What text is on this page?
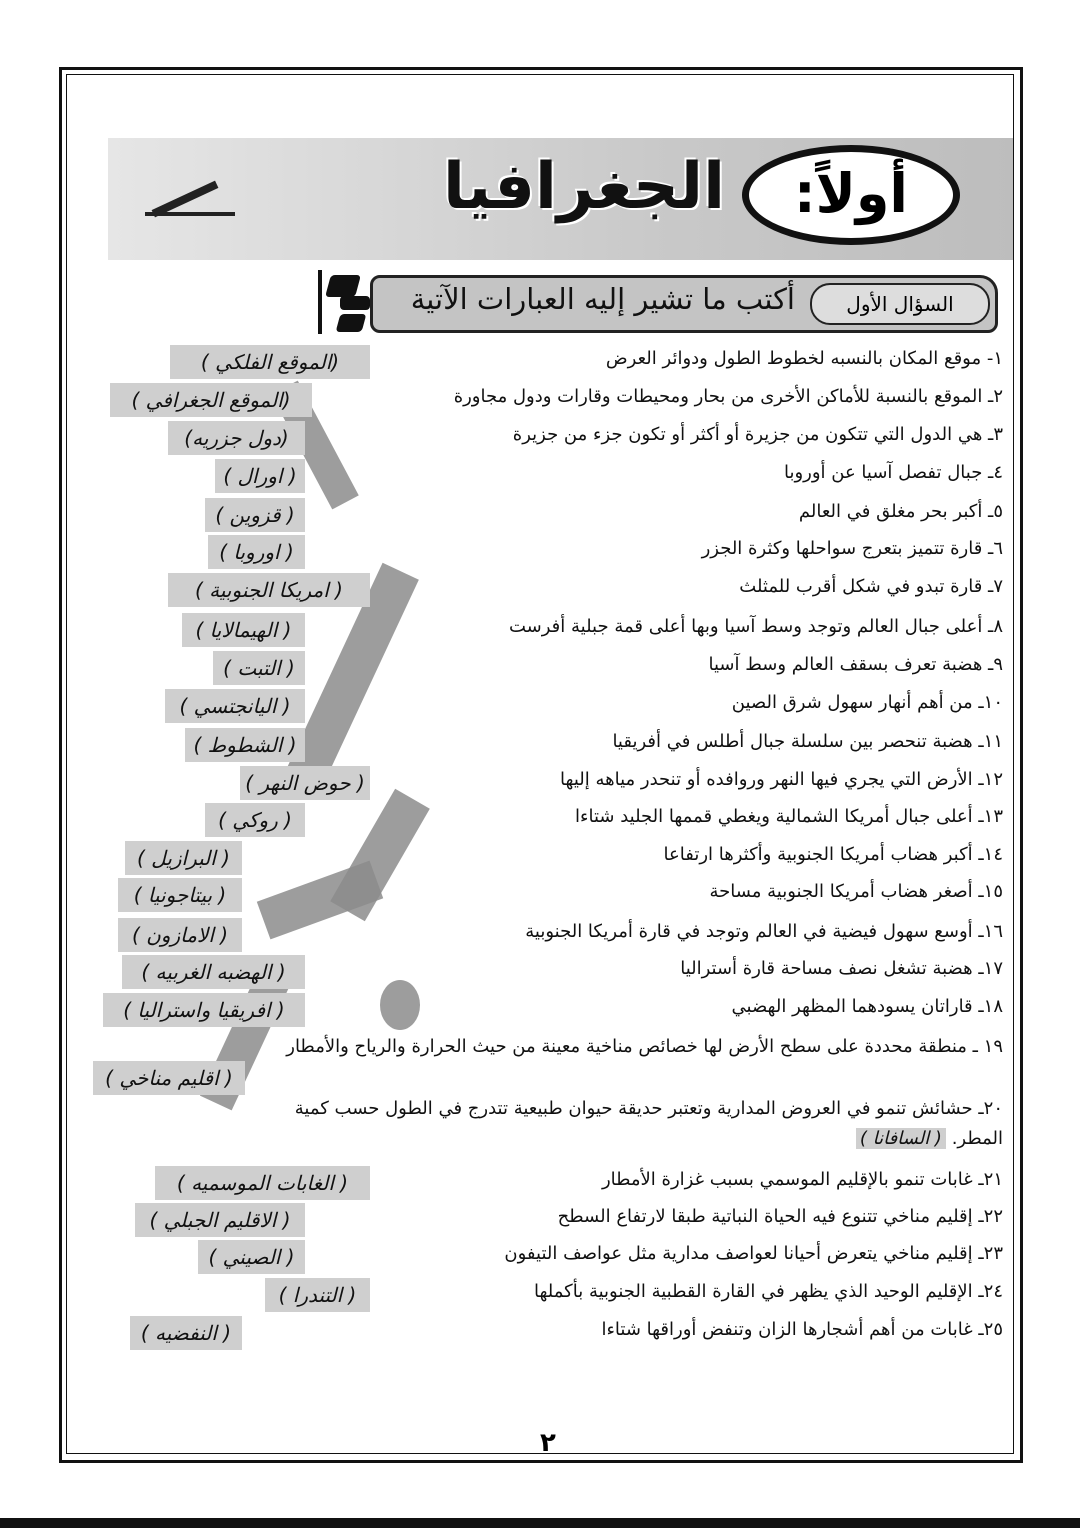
أولاً:
الجغرافيا
السؤال الأول
أكتب ما تشير إليه العبارات الآتية
١- موقع المكان بالنسبه لخطوط الطول ودوائر العرض
(الموقع الفلكي )
٢ـ الموقع بالنسبة للأماكن الأخرى من بحار ومحيطات وقارات ودول مجاورة
(الموقع الجغرافي )
٣ـ هي الدول التي تتكون من جزيرة أو أكثر أو تكون جزء من جزيرة
(دول جزريه)
٤ـ جبال تفصل آسيا عن أوروبا
( اورال )
٥ـ أكبر بحر مغلق في العالم
( قزوين )
٦ـ قارة تتميز بتعرج سواحلها وكثرة الجزر
( اوروبا )
٧ـ قارة تبدو في شكل أقرب للمثلث
( امريكا الجنوبية )
٨ـ أعلى جبال العالم وتوجد وسط آسيا وبها أعلى قمة جبلية أفرست
( الهيمالايا )
٩ـ هضبة تعرف بسقف العالم وسط آسيا
( التبت )
١٠ـ من أهم أنهار سهول شرق الصين
( اليانجتسي )
١١ـ هضبة تنحصر بين سلسلة جبال أطلس في أفريقيا
( الشطوط )
١٢ـ الأرض التي يجري فيها النهر وروافده أو تنحدر مياهه إليها
( حوض النهر )
١٣ـ أعلى جبال أمريكا الشمالية ويغطي قممها الجليد شتاءا
( روكي )
١٤ـ أكبر هضاب أمريكا الجنوبية وأكثرها ارتفاعا
( البرازيل )
١٥ـ أصغر هضاب أمريكا الجنوبية مساحة
( بيتاجونيا )
١٦ـ أوسع سهول فيضية في العالم وتوجد في قارة أمريكا الجنوبية
( الامازون )
١٧ـ هضبة تشغل نصف مساحة قارة أستراليا
( الهضبه الغربيه )
١٨ـ قاراتان يسودهما المظهر الهضبي
( افريقيا واستراليا )
١٩ ـ منطقة محددة على سطح الأرض لها خصائص مناخية معينة من حيث الحرارة والرياح والأمطار
( اقليم مناخي )
٢٠ـ حشائش تنمو في العروض المدارية وتعتبر حديقة حيوان طبيعية تتدرج في الطول حسب كمية
المطر. ( السافانا )
٢١ـ غابات تنمو بالإقليم الموسمي بسبب غزارة الأمطار
( الغابات الموسميه )
٢٢ـ إقليم مناخي تتنوع فيه الحياة النباتية طبقا لارتفاع السطح
( الاقليم الجبلي )
٢٣ـ إقليم مناخي يتعرض أحيانا لعواصف مدارية مثل عواصف التيفون
( الصيني )
٢٤ـ الإقليم الوحيد الذي يظهر في القارة القطبية الجنوبية بأكملها
( التندرا )
٢٥ـ غابات من أهم أشجارها الزان وتنفض أوراقها شتاءا
( النفضيه )
٢
